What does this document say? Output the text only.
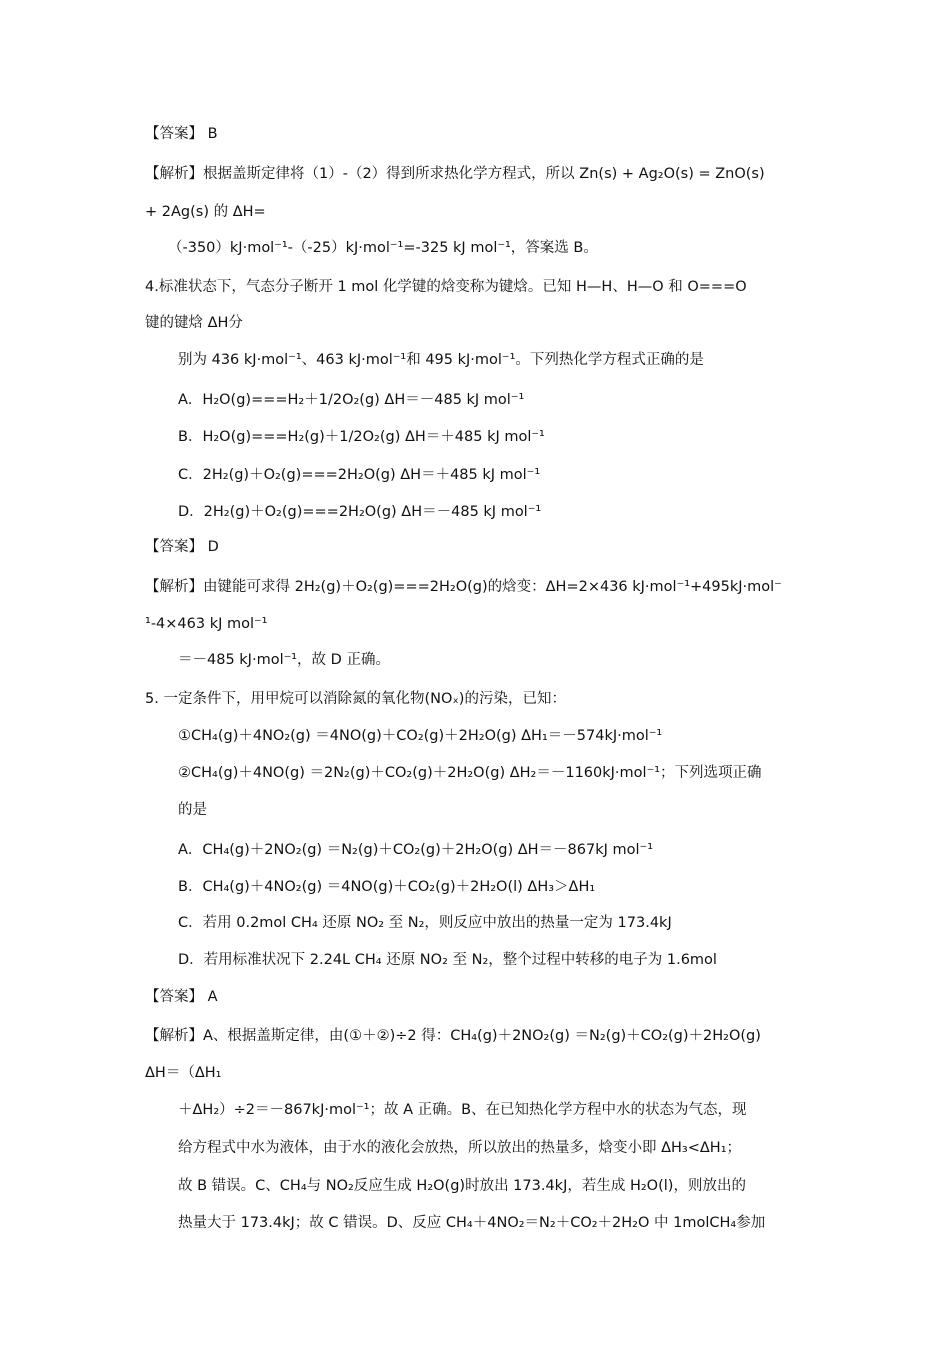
【答案】 B
【解析】根据盖斯定律将（1）-（2）得到所求热化学方程式，所以 Zn(s) + Ag₂O(s) = ZnO(s)
+ 2Ag(s) 的 ΔH=
（-350）kJ·mol⁻¹-（-25）kJ·mol⁻¹=-325 kJ mol⁻¹，答案选 B。
4.标准状态下，气态分子断开 1 mol 化学键的焓变称为键焓。已知 H—H、H—O 和 O===O
键的键焓 ΔH分
别为 436 kJ·mol⁻¹、463 kJ·mol⁻¹和 495 kJ·mol⁻¹。下列热化学方程式正确的是
A．H₂O(g)===H₂＋1/2O₂(g) ΔH＝－485 kJ mol⁻¹
B．H₂O(g)===H₂(g)＋1/2O₂(g) ΔH＝＋485 kJ mol⁻¹
C．2H₂(g)＋O₂(g)===2H₂O(g) ΔH＝＋485 kJ mol⁻¹
D．2H₂(g)＋O₂(g)===2H₂O(g) ΔH＝－485 kJ mol⁻¹
【答案】 D
【解析】由键能可求得 2H₂(g)＋O₂(g)===2H₂O(g)的焓变：ΔH=2×436 kJ·mol⁻¹+495kJ·mol⁻
¹-4×463 kJ mol⁻¹
＝－485 kJ·mol⁻¹，故 D 正确。
5. 一定条件下，用甲烷可以消除氮的氧化物(NOₓ)的污染，已知：
①CH₄(g)＋4NO₂(g) ＝4NO(g)＋CO₂(g)＋2H₂O(g) ΔH₁＝－574kJ·mol⁻¹
②CH₄(g)＋4NO(g) ＝2N₂(g)＋CO₂(g)＋2H₂O(g) ΔH₂＝－1160kJ·mol⁻¹；下列选项正确
的是
A．CH₄(g)＋2NO₂(g) ＝N₂(g)＋CO₂(g)＋2H₂O(g) ΔH＝－867kJ mol⁻¹
B．CH₄(g)＋4NO₂(g) ＝4NO(g)＋CO₂(g)＋2H₂O(l) ΔH₃＞ΔH₁
C．若用 0.2mol CH₄ 还原 NO₂ 至 N₂，则反应中放出的热量一定为 173.4kJ
D．若用标准状况下 2.24L CH₄ 还原 NO₂ 至 N₂，整个过程中转移的电子为 1.6mol
【答案】 A
【解析】A、根据盖斯定律，由(①＋②)÷2 得：CH₄(g)＋2NO₂(g) ＝N₂(g)＋CO₂(g)＋2H₂O(g)
ΔH＝（ΔH₁
＋ΔH₂）÷2＝－867kJ·mol⁻¹；故 A 正确。B、在已知热化学方程中水的状态为气态，现
给方程式中水为液体，由于水的液化会放热，所以放出的热量多，焓变小即 ΔH₃<ΔH₁；
故 B 错误。C、CH₄与 NO₂反应生成 H₂O(g)时放出 173.4kJ，若生成 H₂O(l)，则放出的
热量大于 173.4kJ；故 C 错误。D、反应 CH₄＋4NO₂＝N₂＋CO₂＋2H₂O 中 1molCH₄参加
